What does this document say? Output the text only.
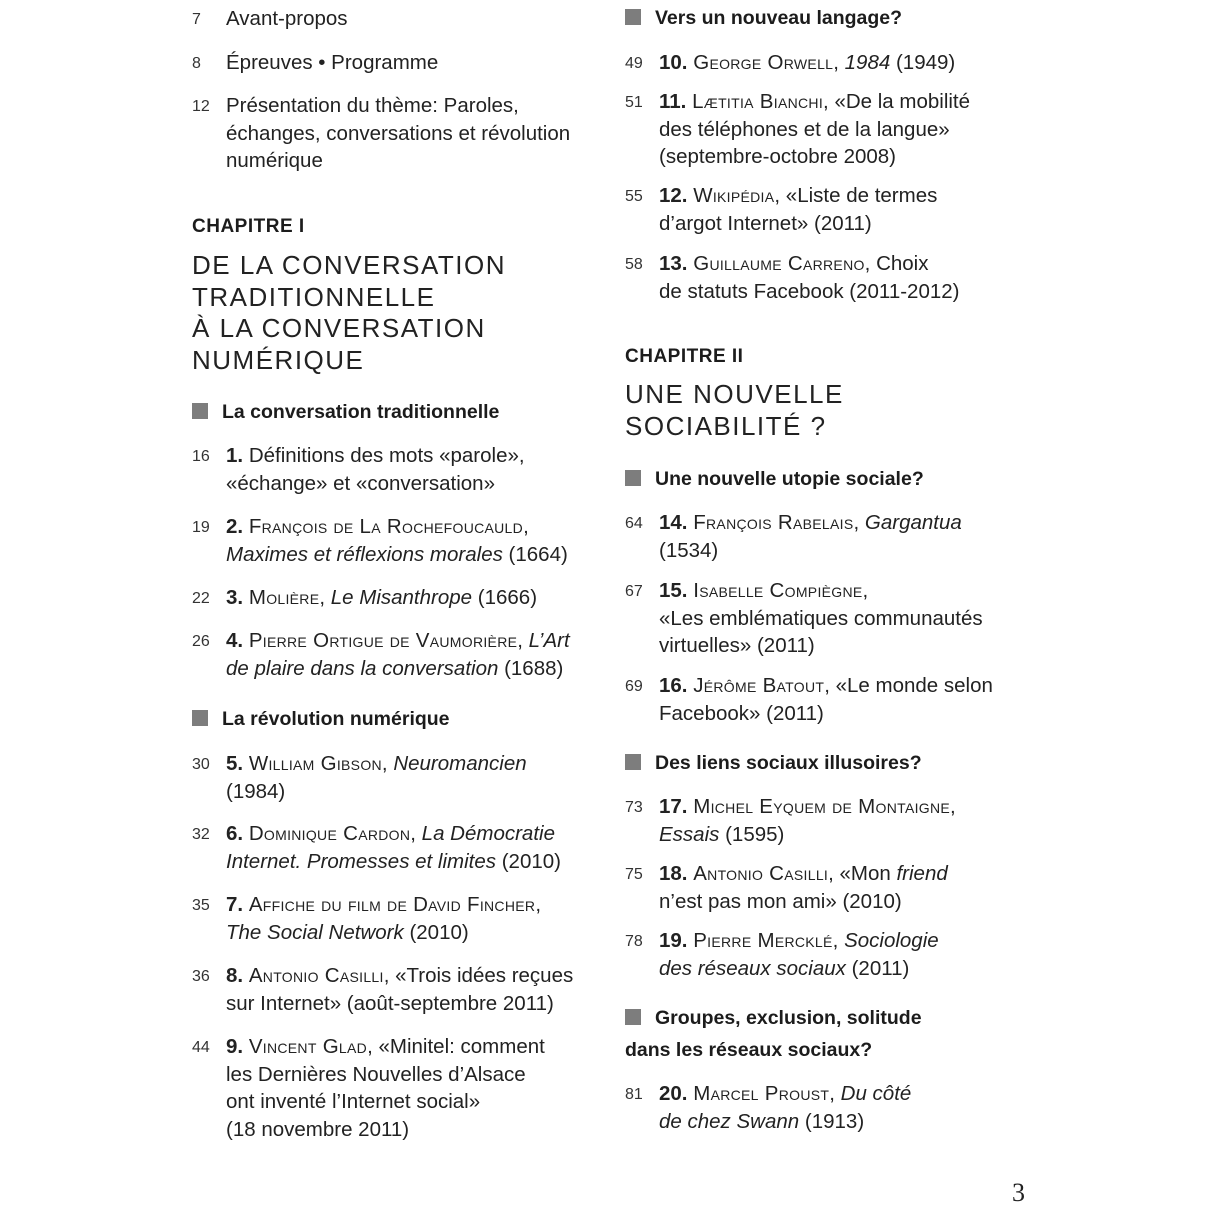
7	Avant-propos
8	Épreuves • Programme
12 Présentation du thème: Paroles, échanges, conversations et révolution numérique
CHAPITRE I
DE LA CONVERSATION
TRADITIONNELLE
À LA CONVERSATION
NUMÉRIQUE
La conversation traditionnelle
16 1. Définitions des mots «parole»,
«échange» et «conversation»
19 2. François de La Rochefoucauld,
Maximes et réflexions morales (1664)
22 3. Molière, Le Misanthrope (1666)
26 4. Pierre Ortigue de Vaumorière, L’Art
de plaire dans la conversation (1688)
La révolution numérique
30 5. William Gibson, Neuromancien
(1984)
32 6. Dominique Cardon, La Démocratie
Internet. Promesses et limites (2010)
35 7. Affiche du film de David Fincher,
The Social Network (2010)
36 8. Antonio Casilli, «Trois idées reçues
sur Internet» (août-septembre 2011)
44 9. Vincent Glad, «Minitel: comment
les Dernières Nouvelles d’Alsace
ont inventé l’Internet social»
(18 novembre 2011)
Vers un nouveau langage?
49 10. George Orwell, 1984 (1949)
51 11. Lætitia Bianchi, «De la mobilité
des téléphones et de la langue»
(septembre-octobre 2008)
55 12. Wikipédia, «Liste de termes
d’argot Internet» (2011)
58 13. Guillaume Carreno, Choix
de statuts Facebook (2011-2012)
CHAPITRE II
UNE NOUVELLE
SOCIABILITÉ ?
Une nouvelle utopie sociale?
64 14. François Rabelais, Gargantua
(1534)
67 15. Isabelle Compiègne,
«Les emblématiques communautés
virtuelles» (2011)
69 16. Jérôme Batout, «Le monde selon
Facebook» (2011)
Des liens sociaux illusoires?
73 17. Michel Eyquem de Montaigne,
Essais (1595)
75 18. Antonio Casilli, «Mon friend
n’est pas mon ami» (2010)
78 19. Pierre Mercklé, Sociologie
des réseaux sociaux (2011)
Groupes, exclusion, solitude
dans les réseaux sociaux?
81 20. Marcel Proust, Du côté
de chez Swann (1913)
3
